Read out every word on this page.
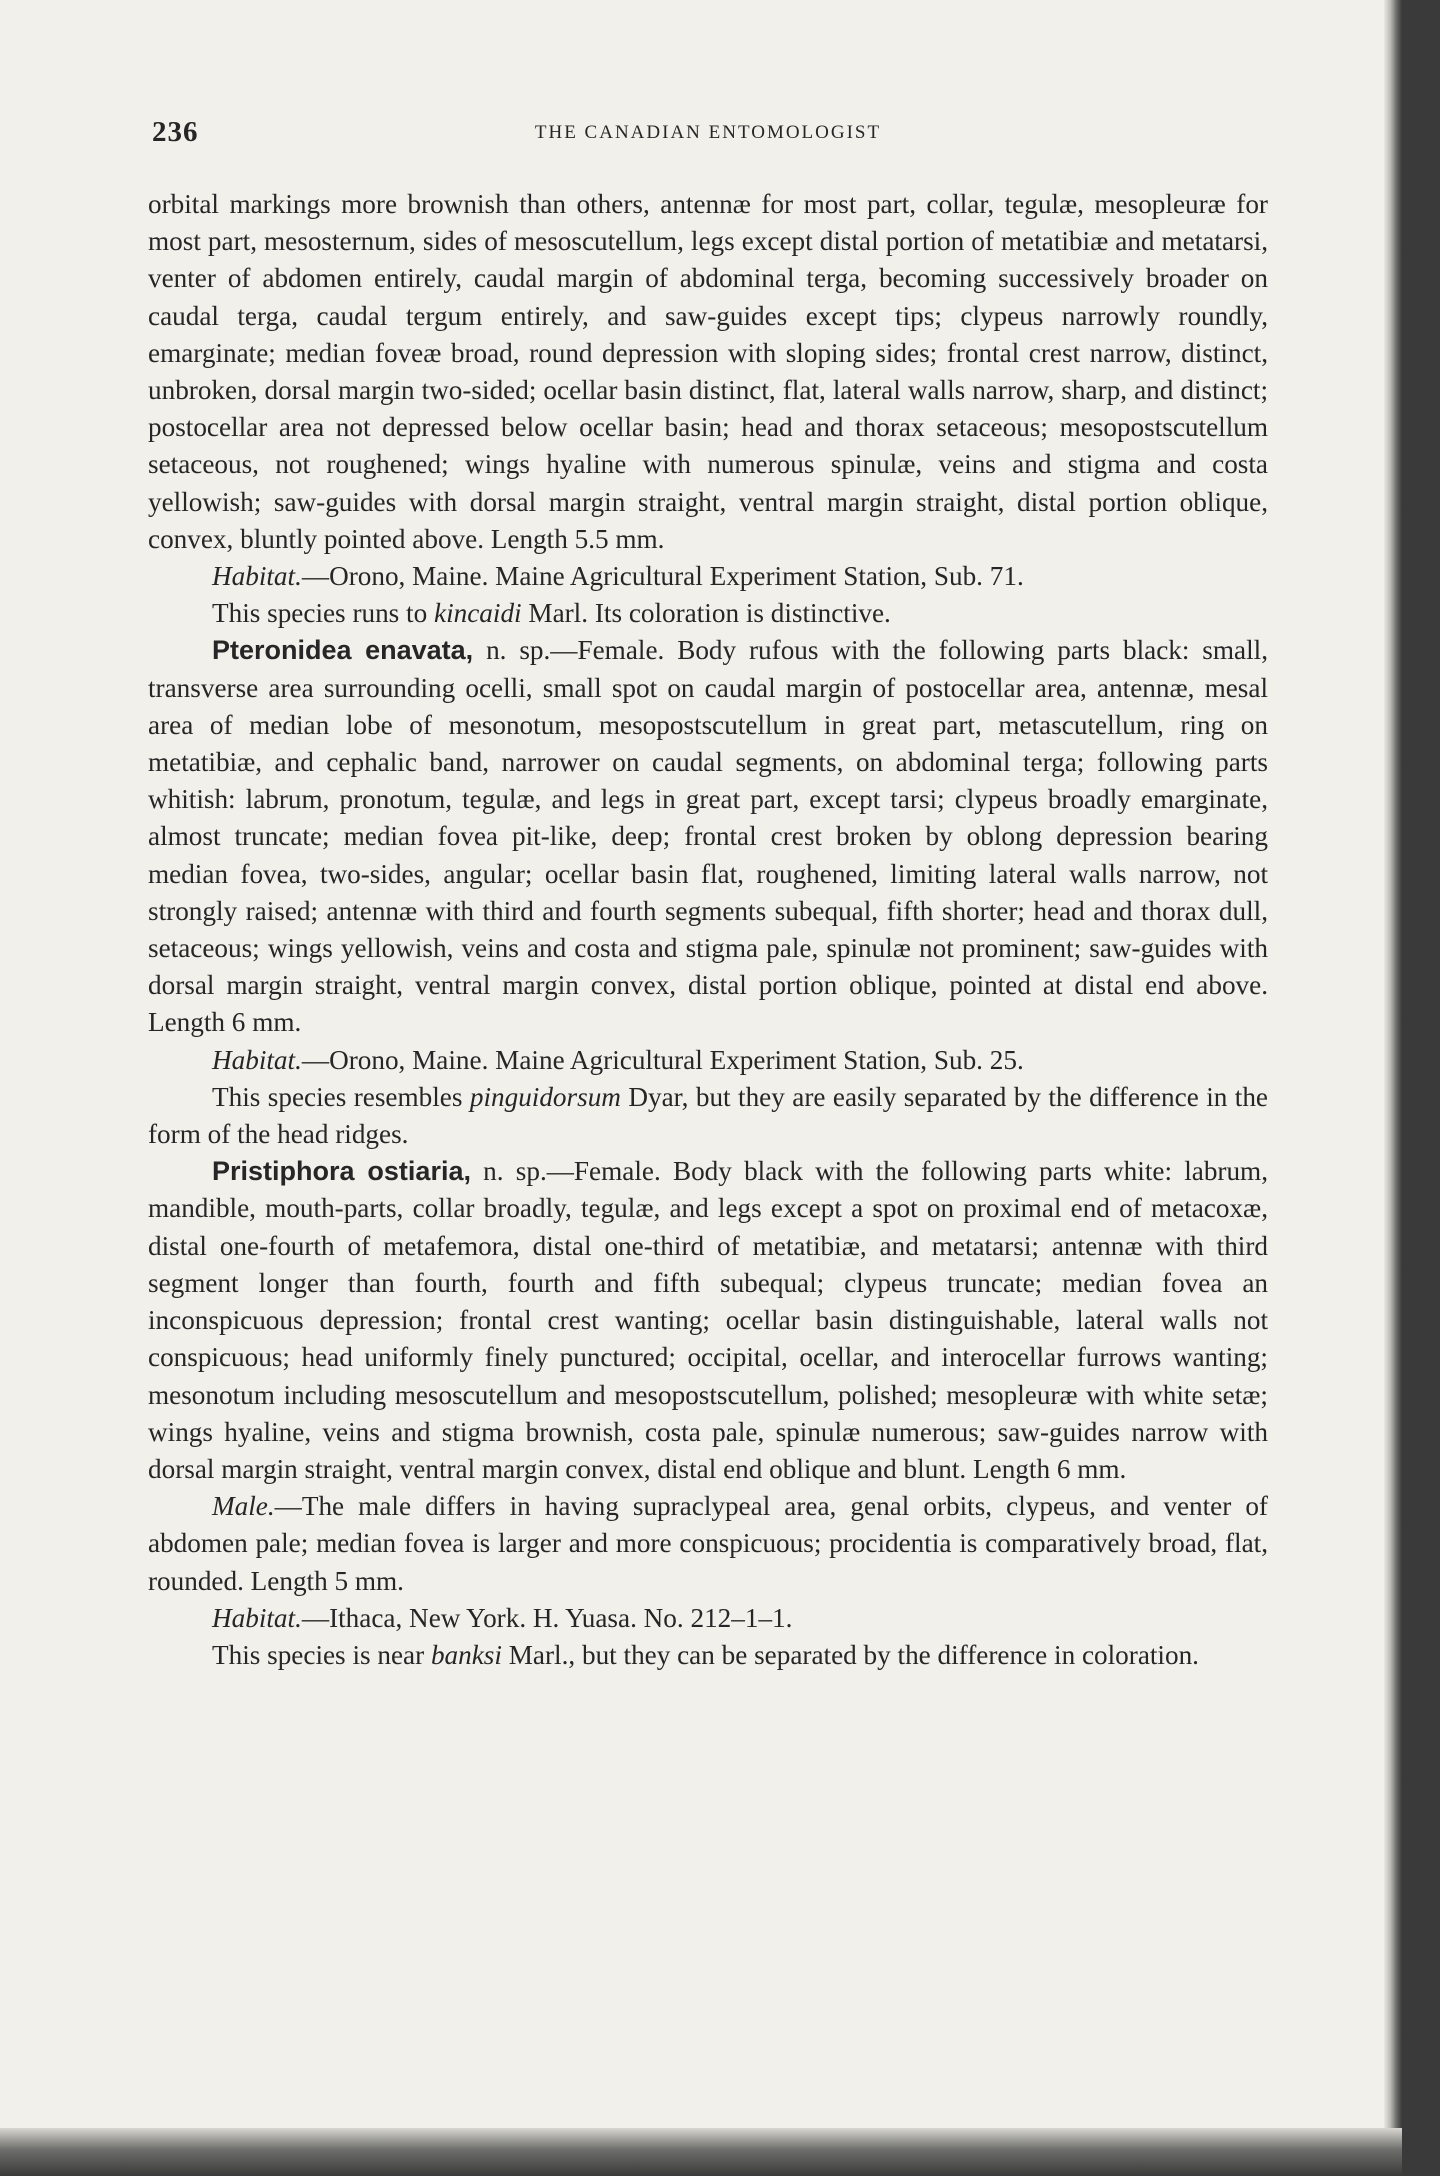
236	THE CANADIAN ENTOMOLOGIST

orbital markings more brownish than others, antennæ for most part, collar, tegulæ, mesopleuræ for most part, mesosternum, sides of mesoscutellum, legs except distal portion of metatibiæ and metatarsi, venter of abdomen entirely, caudal margin of abdominal terga, becoming successively broader on caudal terga, caudal tergum entirely, and saw-guides except tips; clypeus narrowly roundly, emarginate; median foveæ broad, round depression with sloping sides; frontal crest narrow, distinct, unbroken, dorsal margin two-sided; ocellar basin distinct, flat, lateral walls narrow, sharp, and distinct; postocellar area not depressed below ocellar basin; head and thorax setaceous; mesopostscutellum setaceous, not roughened; wings hyaline with numerous spinulæ, veins and stigma and costa yellowish; saw-guides with dorsal margin straight, ventral margin straight, distal portion oblique, convex, bluntly pointed above. Length 5.5 mm.

Habitat.—Orono, Maine. Maine Agricultural Experiment Station, Sub. 71.

This species runs to kincaidi Marl. Its coloration is distinctive.

Pteronidea enavata, n. sp.—Female. Body rufous with the following parts black: small, transverse area surrounding ocelli, small spot on caudal margin of postocellar area, antennæ, mesal area of median lobe of mesonotum, mesopostscutellum in great part, metascutellum, ring on metatibiæ, and cephalic band, narrower on caudal segments, on abdominal terga; following parts whitish: labrum, pronotum, tegulæ, and legs in great part, except tarsi; clypeus broadly emarginate, almost truncate; median fovea pit-like, deep; frontal crest broken by oblong depression bearing median fovea, two-sides, angular; ocellar basin flat, roughened, limiting lateral walls narrow, not strongly raised; antennæ with third and fourth segments subequal, fifth shorter; head and thorax dull, setaceous; wings yellowish, veins and costa and stigma pale, spinulæ not prominent; saw-guides with dorsal margin straight, ventral margin convex, distal portion oblique, pointed at distal end above. Length 6 mm.

Habitat.—Orono, Maine. Maine Agricultural Experiment Station, Sub. 25.

This species resembles pinguidorsum Dyar, but they are easily separated by the difference in the form of the head ridges.

Pristiphora ostiaria, n. sp.—Female. Body black with the following parts white: labrum, mandible, mouth-parts, collar broadly, tegulæ, and legs except a spot on proximal end of metacoxæ, distal one-fourth of metafemora, distal one-third of metatibiæ, and metatarsi; antennæ with third segment longer than fourth, fourth and fifth subequal; clypeus truncate; median fovea an inconspicuous depression; frontal crest wanting; ocellar basin distinguishable, lateral walls not conspicuous; head uniformly finely punctured; occipital, ocellar, and interocellar furrows wanting; mesonotum including mesoscutellum and mesopostscutellum, polished; mesopleuræ with white setæ; wings hyaline, veins and stigma brownish, costa pale, spinulæ numerous; saw-guides narrow with dorsal margin straight, ventral margin convex, distal end oblique and blunt. Length 6 mm.

Male.—The male differs in having supraclypeal area, genal orbits, clypeus, and venter of abdomen pale; median fovea is larger and more conspicuous; procidentia is comparatively broad, flat, rounded. Length 5 mm.

Habitat.—Ithaca, New York. H. Yuasa. No. 212–1–1.

This species is near banksi Marl., but they can be separated by the difference in coloration.
